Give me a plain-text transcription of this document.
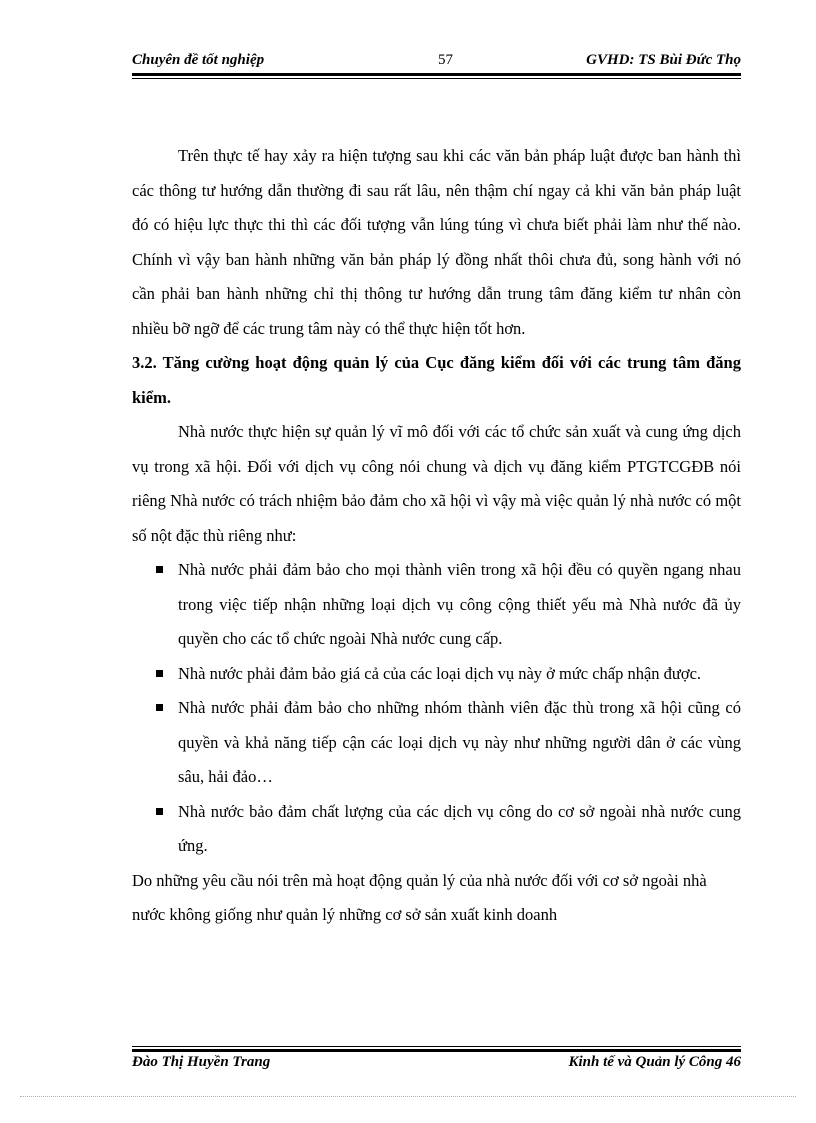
Chuyên đề tốt nghiệp	57	GVHD: TS Bùi Đức Thọ

Trên thực tế hay xảy ra hiện tượng sau khi các văn bản pháp luật được ban hành thì các thông tư hướng dẫn thường đi sau rất lâu, nên thậm chí ngay cả khi văn bản pháp luật đó có hiệu lực thực thi thì các đối tượng vẫn lúng túng vì chưa biết phải làm như thế nào. Chính vì vậy ban hành những văn bản pháp lý đồng nhất thôi chưa đủ, song hành với nó cần phải ban hành những chỉ thị thông tư hướng dẫn trung tâm đăng kiểm tư nhân còn nhiều bỡ ngỡ để các trung tâm này có thể thực hiện tốt hơn.

3.2. Tăng cường hoạt động quản lý của Cục đăng kiểm đối với các trung tâm đăng kiểm.

Nhà nước thực hiện sự quản lý vĩ mô đối với các tổ chức sản xuất và cung ứng dịch vụ trong xã hội. Đối với dịch vụ công nói chung và dịch vụ đăng kiểm PTGTCGĐB nói riêng Nhà nước có trách nhiệm bảo đảm cho xã hội vì vậy mà việc quản lý nhà nước có một số nột đặc thù riêng như:

Nhà nước phải đảm bảo cho mọi thành viên trong xã hội đều có quyền ngang nhau trong việc tiếp nhận những loại dịch vụ công cộng thiết yếu mà Nhà nước đã ủy quyền cho các tổ chức ngoài Nhà nước cung cấp.
Nhà nước phải đảm bảo giá cả của các loại dịch vụ này ở mức chấp nhận được.
Nhà nước phải đảm bảo cho những nhóm thành viên đặc thù trong xã hội cũng có quyền và khả năng tiếp cận các loại dịch vụ này như những người dân ở các vùng sâu, hải đảo…
Nhà nước bảo đảm chất lượng của các dịch vụ công do cơ sở ngoài nhà nước cung ứng.

Do những yêu cầu nói trên mà hoạt động quản lý của nhà nước đối với cơ sở ngoài nhà nước không giống như quản lý những cơ sở sản xuất kinh doanh

Đào Thị Huyền Trang	Kinh tế và Quản lý Công 46
